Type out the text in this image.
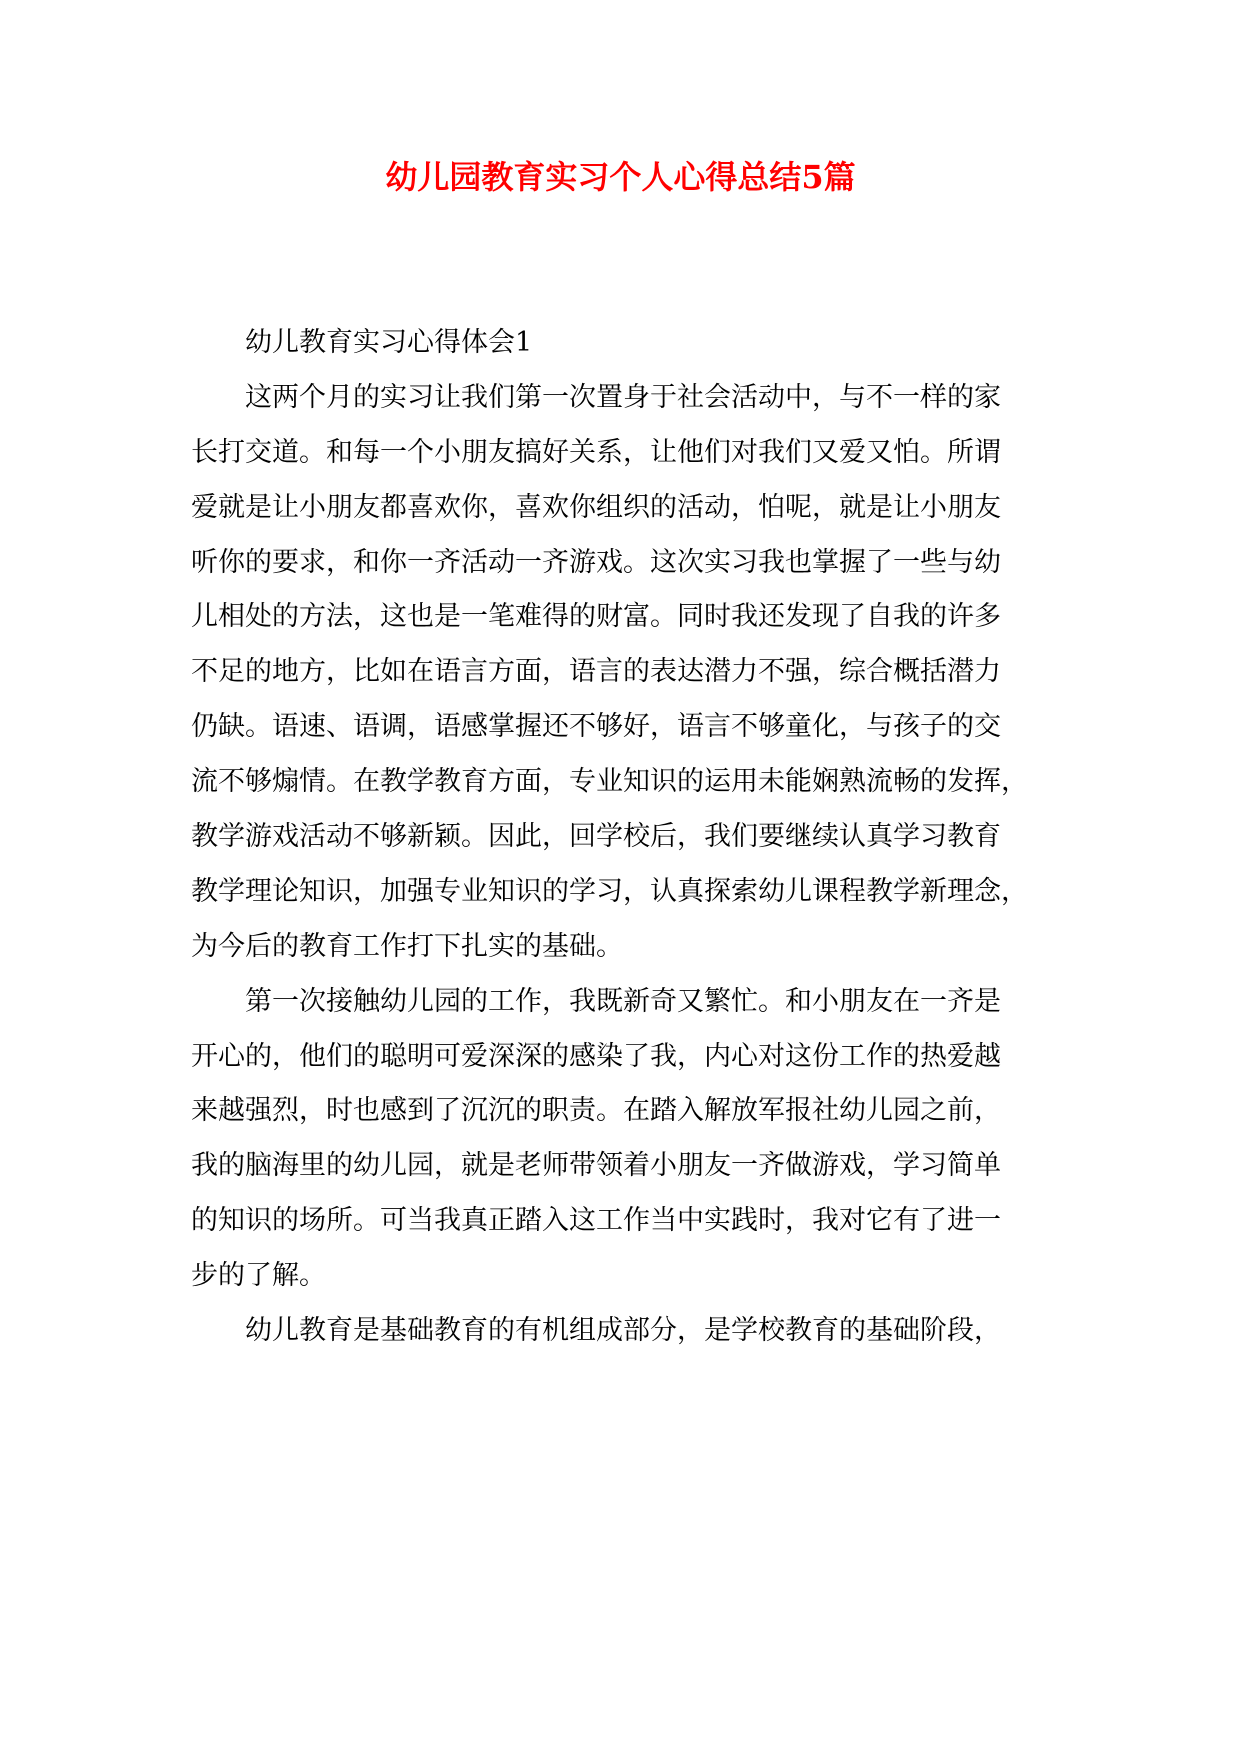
幼儿园教育实习个人心得总结5篇
幼儿教育实习心得体会1
这两个月的实习让我们第一次置身于社会活动中，与不一样的家
长打交道。和每一个小朋友搞好关系，让他们对我们又爱又怕。所谓
爱就是让小朋友都喜欢你，喜欢你组织的活动，怕呢，就是让小朋友
听你的要求，和你一齐活动一齐游戏。这次实习我也掌握了一些与幼
儿相处的方法，这也是一笔难得的财富。同时我还发现了自我的许多
不足的地方，比如在语言方面，语言的表达潜力不强，综合概括潜力
仍缺。语速、语调，语感掌握还不够好，语言不够童化，与孩子的交
流不够煽情。在教学教育方面，专业知识的运用未能娴熟流畅的发挥，
教学游戏活动不够新颖。因此，回学校后，我们要继续认真学习教育
教学理论知识，加强专业知识的学习，认真探索幼儿课程教学新理念，
为今后的教育工作打下扎实的基础。
第一次接触幼儿园的工作，我既新奇又繁忙。和小朋友在一齐是
开心的，他们的聪明可爱深深的感染了我，内心对这份工作的热爱越
来越强烈，时也感到了沉沉的职责。在踏入解放军报社幼儿园之前，
我的脑海里的幼儿园，就是老师带领着小朋友一齐做游戏，学习简单
的知识的场所。可当我真正踏入这工作当中实践时，我对它有了进一
步的了解。
幼儿教育是基础教育的有机组成部分，是学校教育的基础阶段，
